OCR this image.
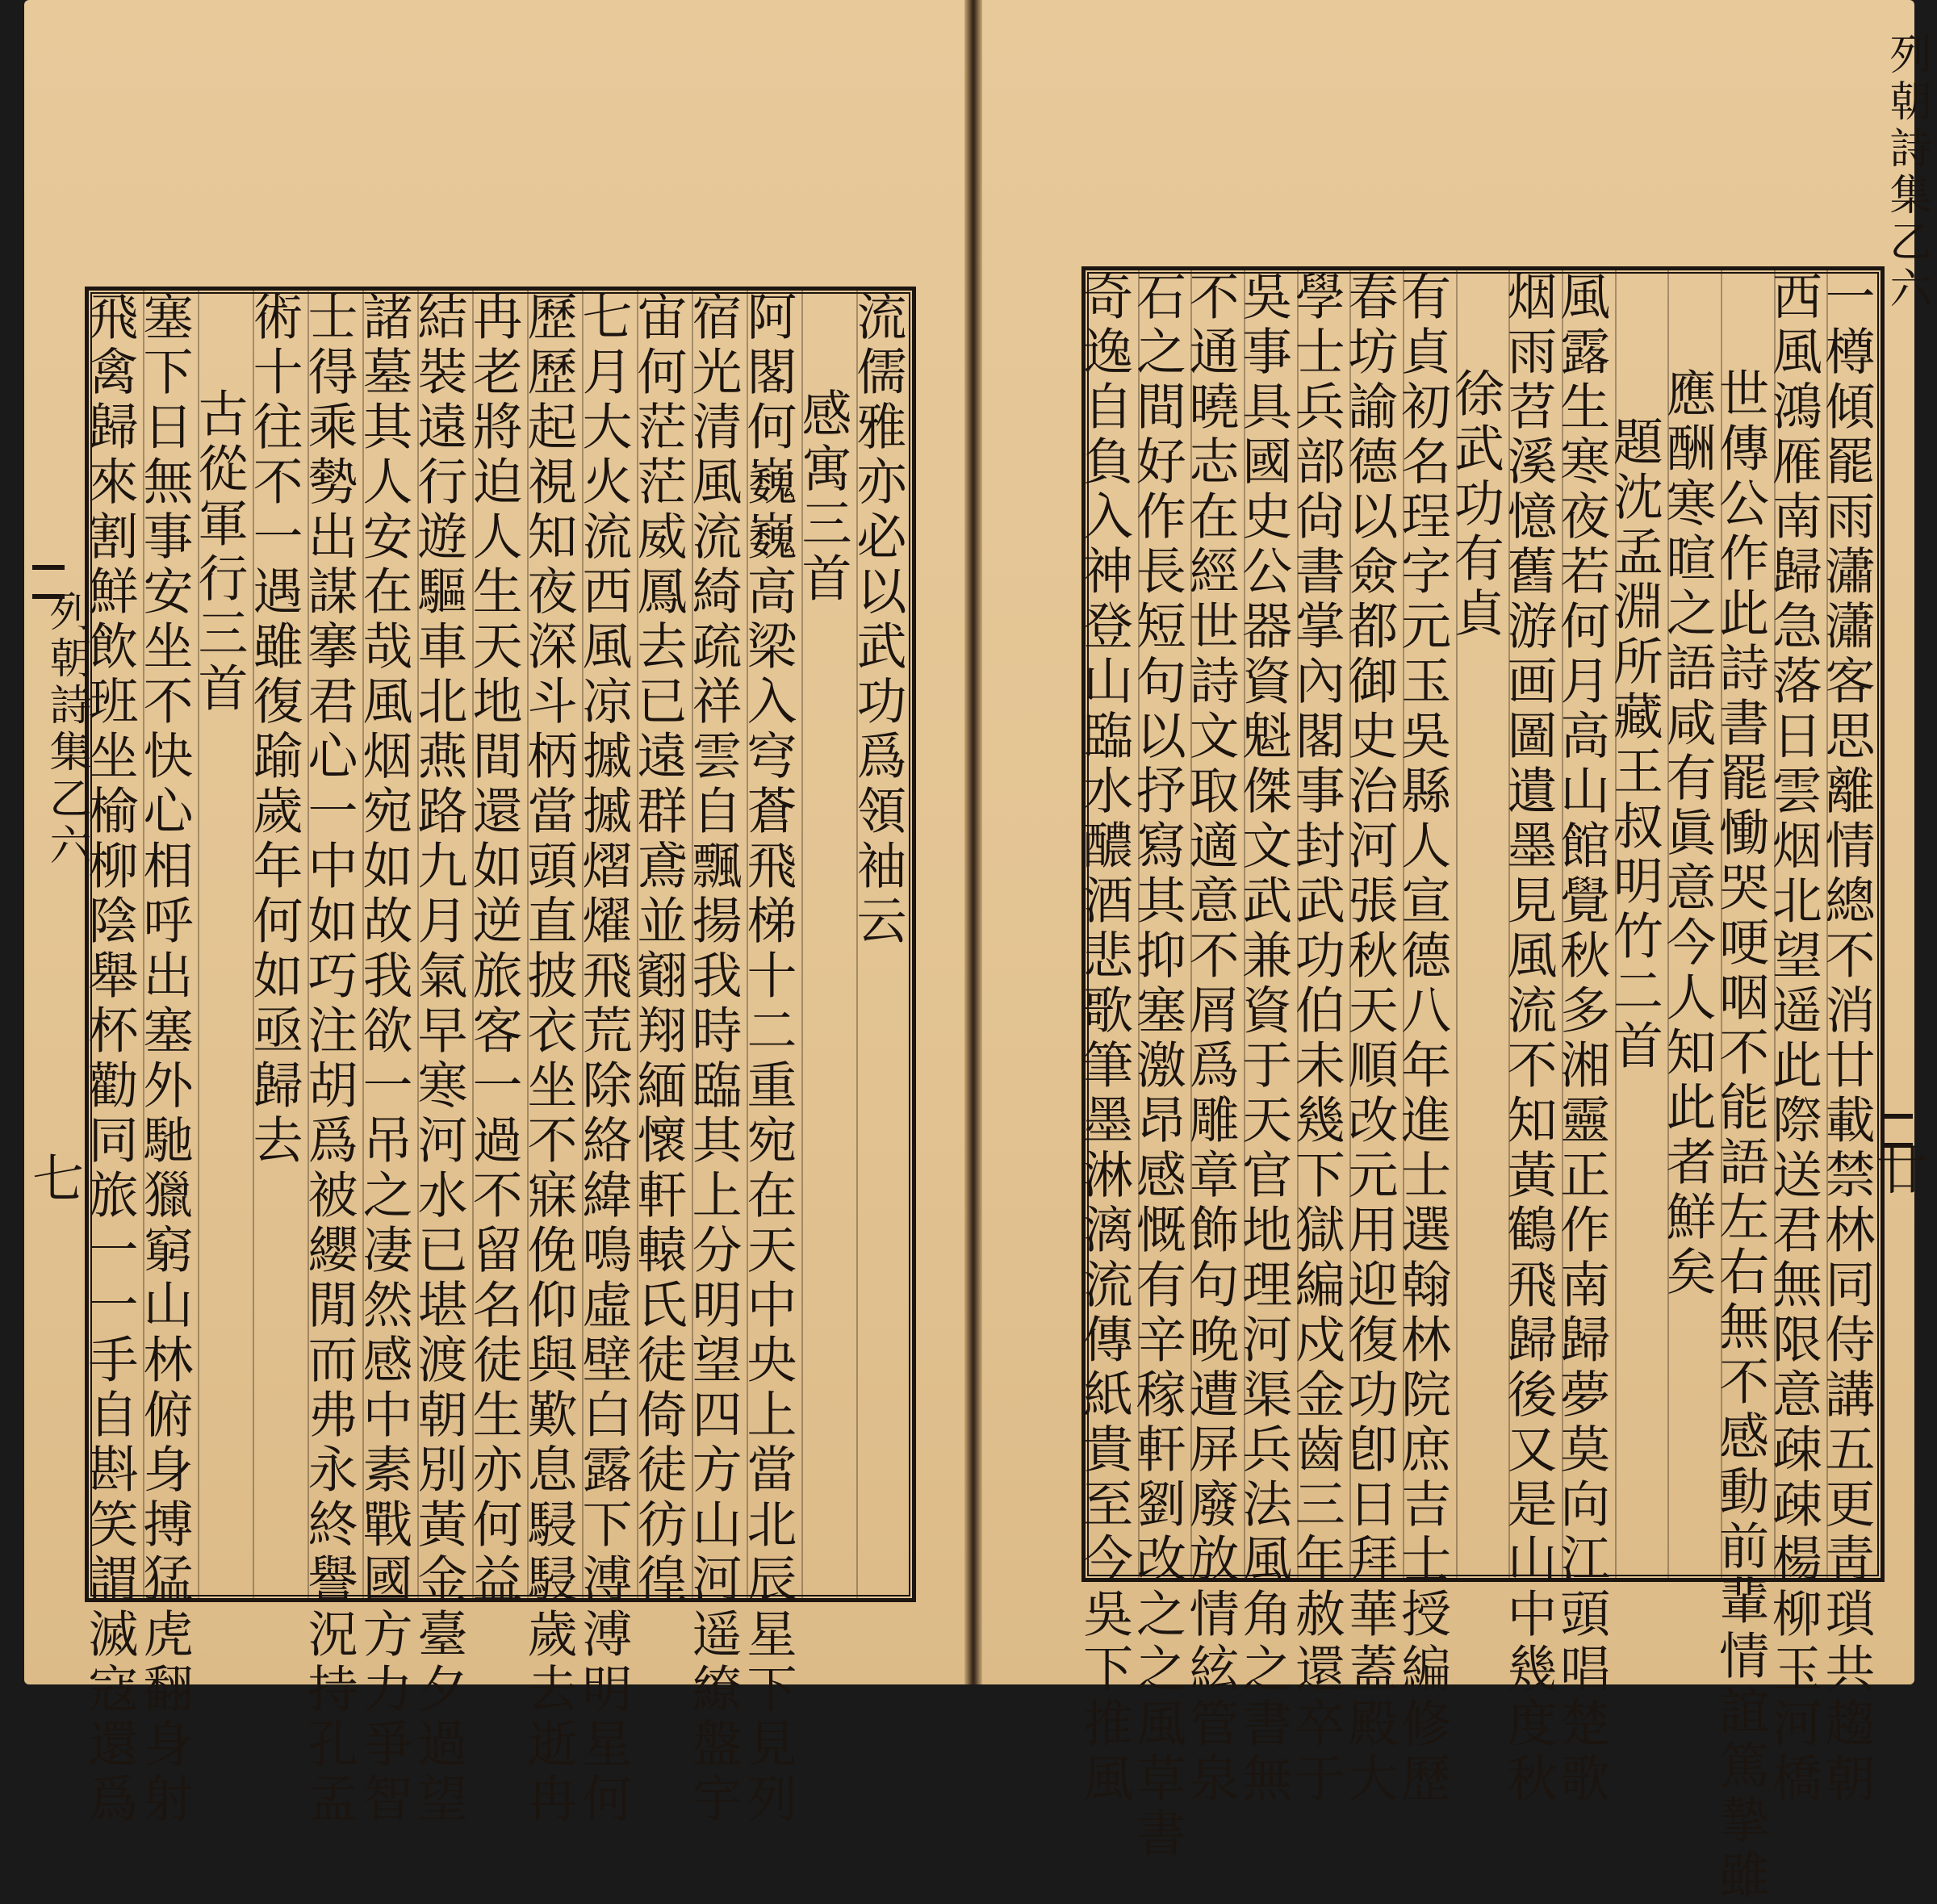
流儒雅亦必以武功爲領袖云
感寓三首
阿閣何巍巍高梁入穹蒼飛梯十二重宛在天中央上當北辰星下見列
宿光清風流綺疏祥雲自飄揚我時臨其上分明望四方山河遥繚盤宇
宙何茫茫威鳳去已遠群鳶並䎙翔緬懷軒轅氏徒倚徒彷徨
七月大火流西風凉摵摵熠燿飛荒除絡緯鳴虛壁白露下溥溥明星何
歷歷起視知夜深斗柄當頭直披衣坐不寐俛仰與歎息駸駸歲去逝冉
冉老將迫人生天地間還如逆旅客一過不留名徒生亦何益
結裝遠行遊驅車北燕路九月氣早寒河水已堪渡朝別黃金臺夕過望
諸墓其人安在哉風烟宛如故我欲一吊之凄然感中素戰國方力爭智
士得乘勢出謀搴君心一中如巧注胡爲被纓閒而弗永終譽況持孔孟
術十往不一遇雖復踰歲年何如亟歸去
古從軍行三首
塞下日無事安坐不快心相呼出塞外馳獵窮山林俯身搏猛虎翻身射
飛禽歸來割鮮飲班坐榆柳陰舉杯勸同旅一一手自斟笑謂滅寇還爲
列朝詩集乙六
七	一樽傾罷雨瀟瀟客思離情總不消廿載禁林同侍講五更靑瑣共趨朝
西風鴻雁南歸急落日雲烟北望遥此際送君無限意疎疎楊柳玉河橋
世傳公作此詩書罷慟哭哽咽不能語左右無不感動前輩情誼篤摯雖
應酬寒暄之語咸有眞意今人知此者鮮矣
題沈孟淵所藏王叔明竹二首
風露生寒夜若何月高山館覺秋多湘靈正作南歸夢莫向江頭唱楚歌
烟雨苕溪憶舊游画圖遺墨見風流不知黃鶴飛歸後又是山中幾度秋
徐武功有貞
有貞初名珵字元玉吳縣人宣德八年進士選翰林院庶吉士授編修歷
春坊諭德以僉都御史治河張秋天順改元用迎復功卽日拜華蓋殿大
學士兵部尙書掌內閣事封武功伯未幾下獄編戍金齒三年赦還卒于
吳事具國史公器資魁傑文武兼資于天官地理河渠兵法風角之書無
不通曉志在經世詩文取適意不屑爲雕章飾句晚遭屏廢放情絃管泉
石之間好作長短句以抒寫其抑塞激昂感慨有辛稼軒劉改之之風草書
奇逸自負入神登山臨水醲酒悲歌筆墨淋漓流傳紙貴至今吳下推風
列朝詩集乙六
廿
